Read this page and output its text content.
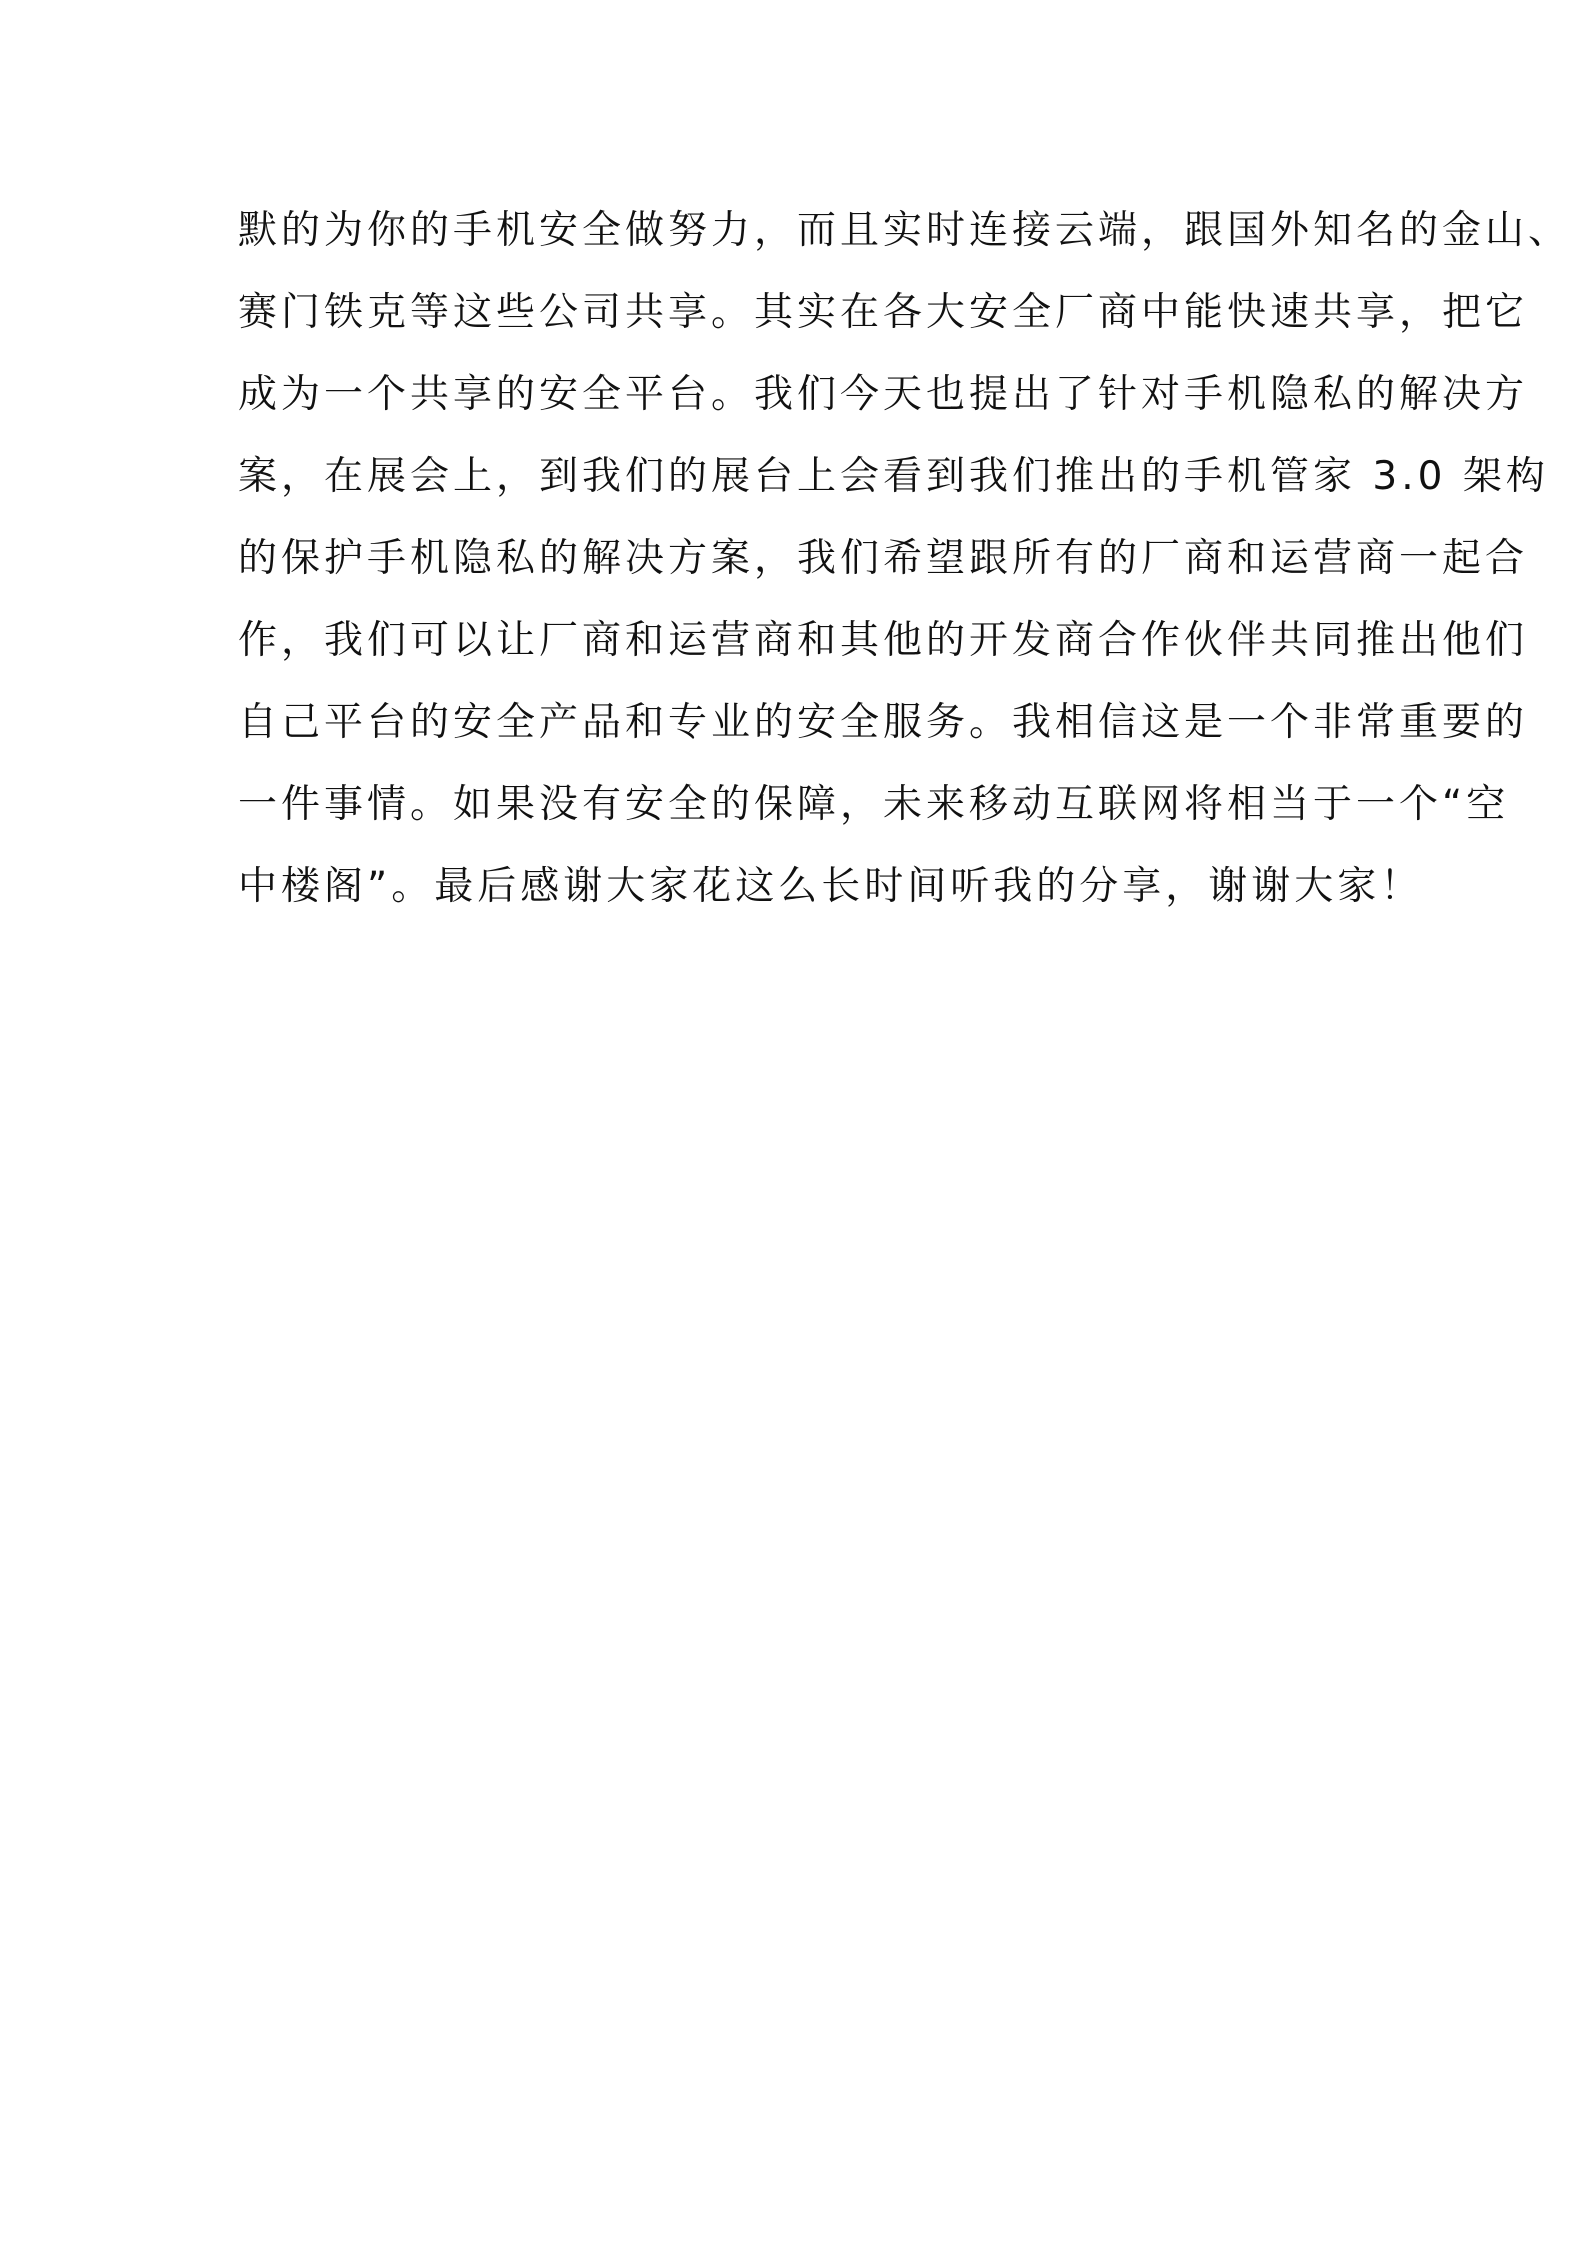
默的为你的手机安全做努力，而且实时连接云端，跟国外知名的金山、
赛门铁克等这些公司共享。其实在各大安全厂商中能快速共享，把它
成为一个共享的安全平台。我们今天也提出了针对手机隐私的解决方
案，在展会上，到我们的展台上会看到我们推出的手机管家 3.0 架构
的保护手机隐私的解决方案，我们希望跟所有的厂商和运营商一起合
作，我们可以让厂商和运营商和其他的开发商合作伙伴共同推出他们
自己平台的安全产品和专业的安全服务。我相信这是一个非常重要的
一件事情。如果没有安全的保障，未来移动互联网将相当于一个“空
中楼阁”。最后感谢大家花这么长时间听我的分享，谢谢大家！
